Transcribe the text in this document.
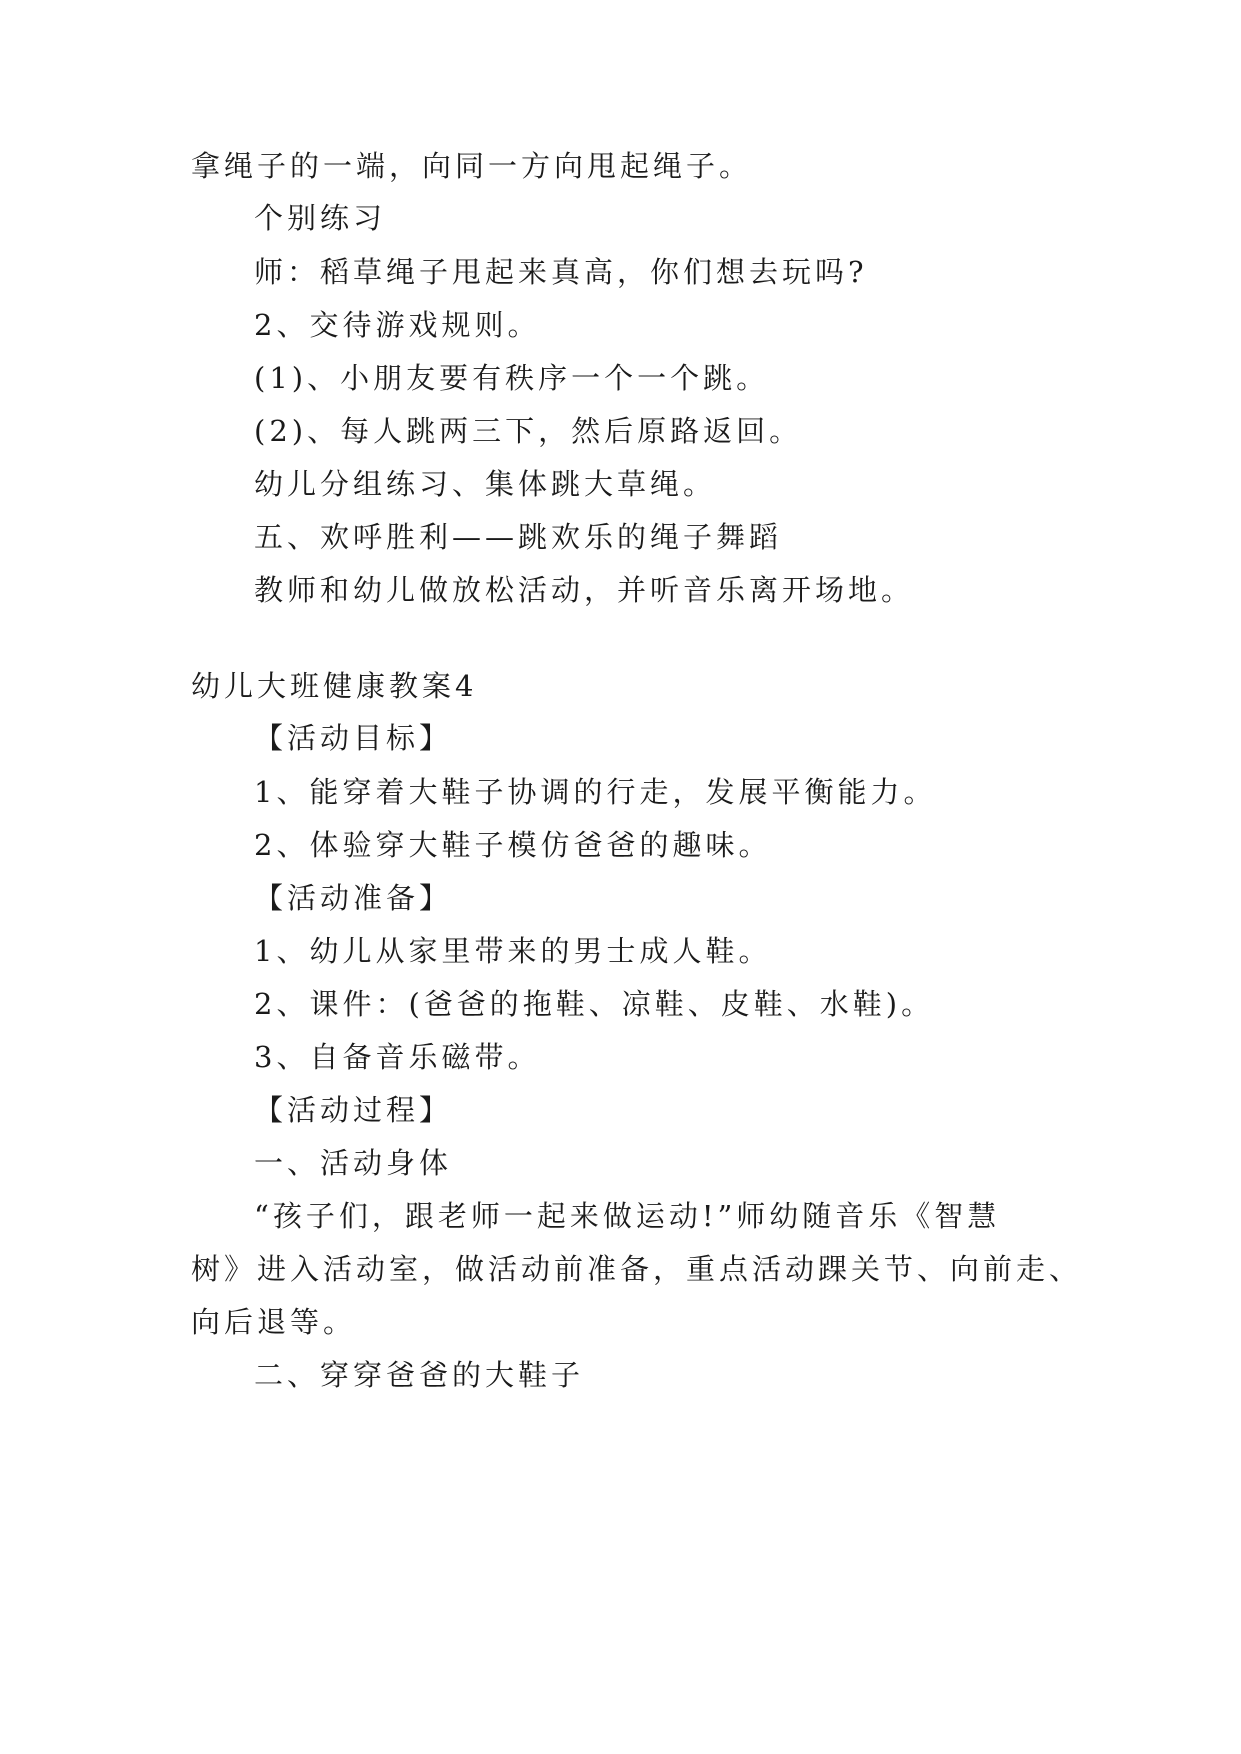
拿绳子的一端，向同一方向甩起绳子。
个别练习
师：稻草绳子甩起来真高，你们想去玩吗?
2、交待游戏规则。
(1)、小朋友要有秩序一个一个跳。
(2)、每人跳两三下，然后原路返回。
幼儿分组练习、集体跳大草绳。
五、欢呼胜利——跳欢乐的绳子舞蹈
教师和幼儿做放松活动，并听音乐离开场地。
幼儿大班健康教案4
【活动目标】
1、能穿着大鞋子协调的行走，发展平衡能力。
2、体验穿大鞋子模仿爸爸的趣味。
【活动准备】
1、幼儿从家里带来的男士成人鞋。
2、课件：(爸爸的拖鞋、凉鞋、皮鞋、水鞋)。
3、自备音乐磁带。
【活动过程】
一、活动身体
“孩子们，跟老师一起来做运动!”师幼随音乐《智慧
树》进入活动室，做活动前准备，重点活动踝关节、向前走、
向后退等。
二、穿穿爸爸的大鞋子
